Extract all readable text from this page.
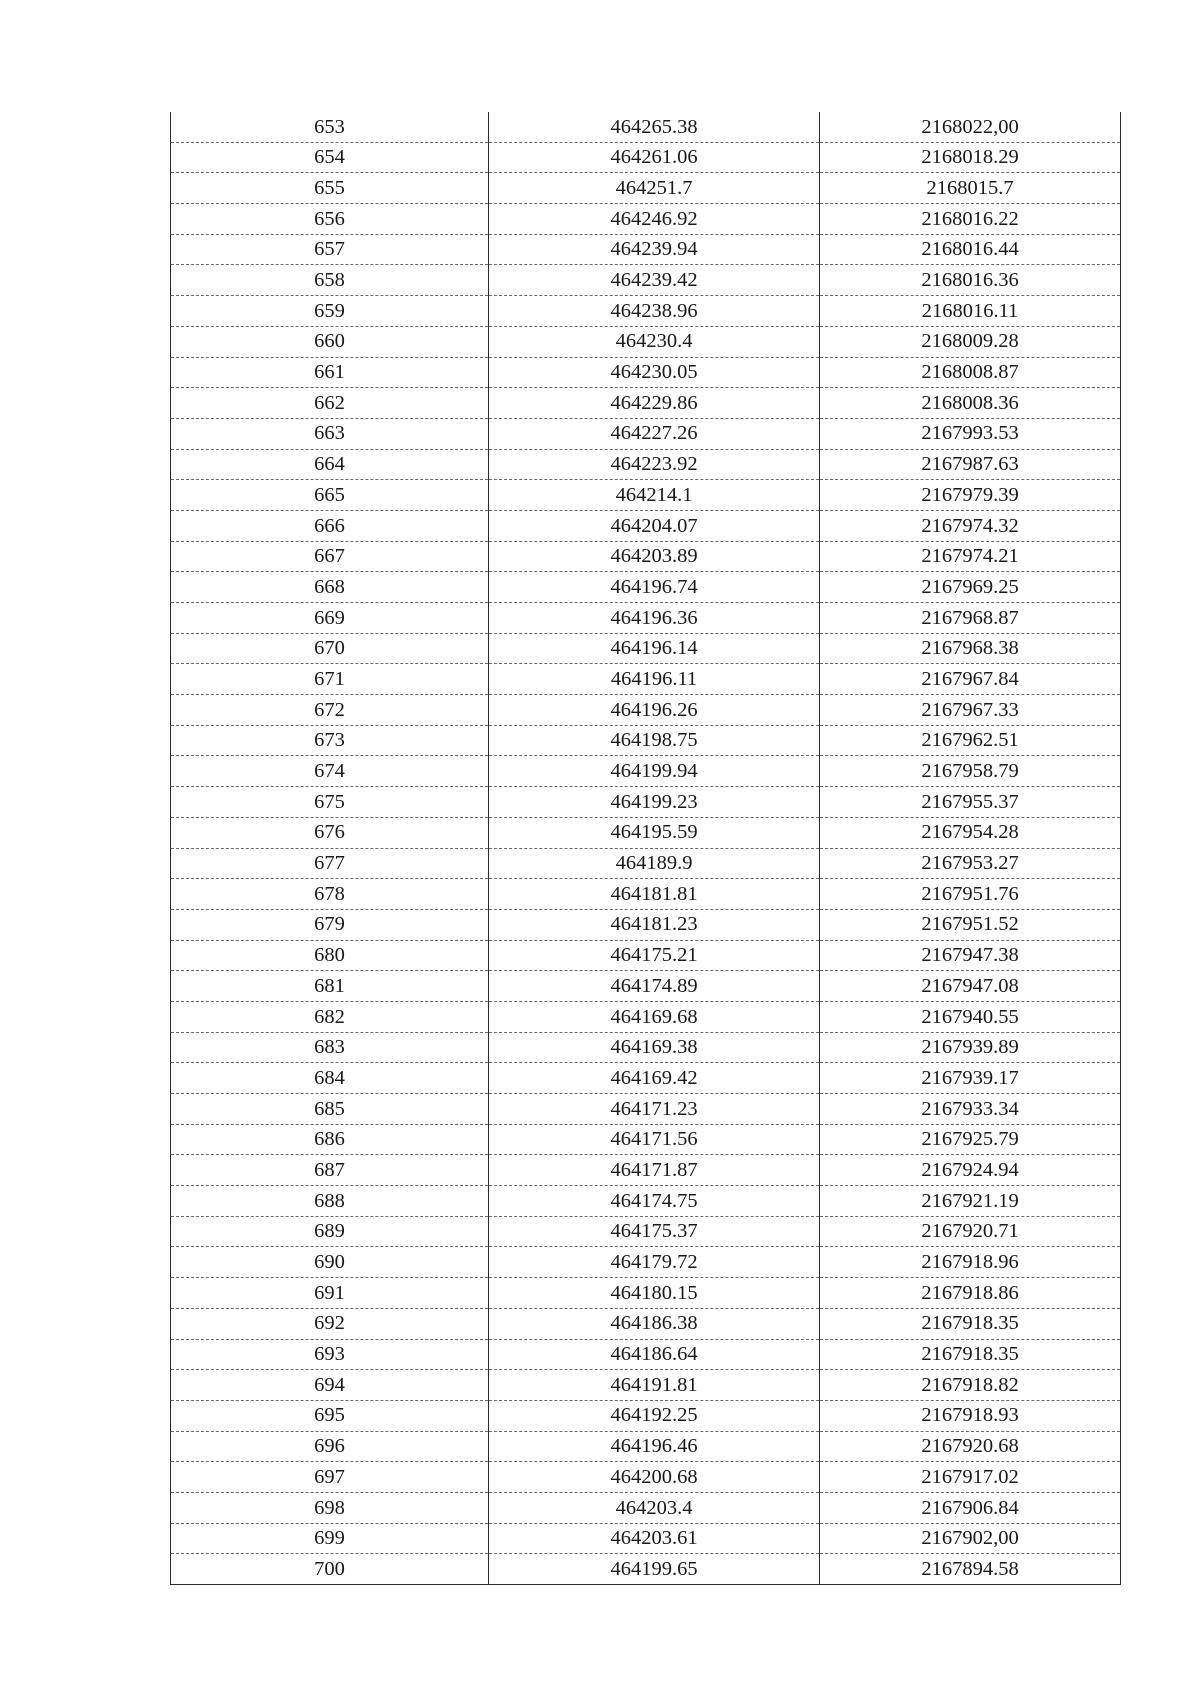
653	464265.38	2168022,00
654	464261.06	2168018.29
655	464251.7	2168015.7
656	464246.92	2168016.22
657	464239.94	2168016.44
658	464239.42	2168016.36
659	464238.96	2168016.11
660	464230.4	2168009.28
661	464230.05	2168008.87
662	464229.86	2168008.36
663	464227.26	2167993.53
664	464223.92	2167987.63
665	464214.1	2167979.39
666	464204.07	2167974.32
667	464203.89	2167974.21
668	464196.74	2167969.25
669	464196.36	2167968.87
670	464196.14	2167968.38
671	464196.11	2167967.84
672	464196.26	2167967.33
673	464198.75	2167962.51
674	464199.94	2167958.79
675	464199.23	2167955.37
676	464195.59	2167954.28
677	464189.9	2167953.27
678	464181.81	2167951.76
679	464181.23	2167951.52
680	464175.21	2167947.38
681	464174.89	2167947.08
682	464169.68	2167940.55
683	464169.38	2167939.89
684	464169.42	2167939.17
685	464171.23	2167933.34
686	464171.56	2167925.79
687	464171.87	2167924.94
688	464174.75	2167921.19
689	464175.37	2167920.71
690	464179.72	2167918.96
691	464180.15	2167918.86
692	464186.38	2167918.35
693	464186.64	2167918.35
694	464191.81	2167918.82
695	464192.25	2167918.93
696	464196.46	2167920.68
697	464200.68	2167917.02
698	464203.4	2167906.84
699	464203.61	2167902,00
700	464199.65	2167894.58
